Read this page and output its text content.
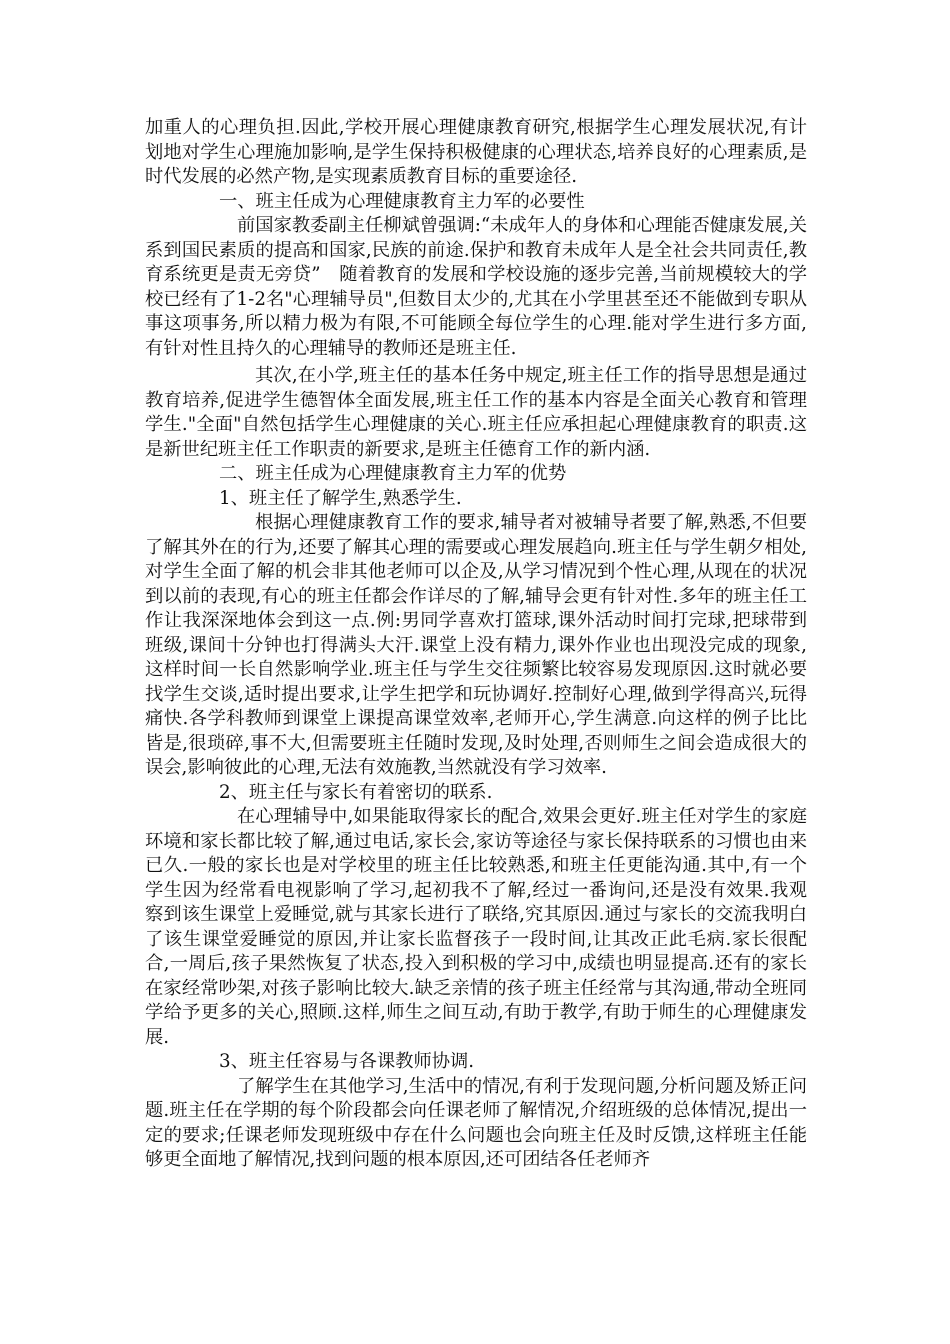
加重人的心理负担.因此,学校开展心理健康教育研究,根据学生心理发展状况,有计划地对学生心理施加影响,是学生保持积极健康的心理状态,培养良好的心理素质,是时代发展的必然产物,是实现素质教育目标的重要途径.

一、班主任成为心理健康教育主力军的必要性

前国家教委副主任柳斌曾强调:“未成年人的身体和心理能否健康发展,关系到国民素质的提高和国家,民族的前途.保护和教育未成年人是全社会共同责任,教育系统更是责无旁贷”　随着教育的发展和学校设施的逐步完善,当前规模较大的学校已经有了1-2名"心理辅导员",但数目太少的,尤其在小学里甚至还不能做到专职从事这项事务,所以精力极为有限,不可能顾全每位学生的心理.能对学生进行多方面,有针对性且持久的心理辅导的教师还是班主任.

其次,在小学,班主任的基本任务中规定,班主任工作的指导思想是通过教育培养,促进学生德智体全面发展,班主任工作的基本内容是全面关心教育和管理学生."全面"自然包括学生心理健康的关心.班主任应承担起心理健康教育的职责.这是新世纪班主任工作职责的新要求,是班主任德育工作的新内涵.

二、班主任成为心理健康教育主力军的优势

1、班主任了解学生,熟悉学生.

根据心理健康教育工作的要求,辅导者对被辅导者要了解,熟悉,不但要了解其外在的行为,还要了解其心理的需要或心理发展趋向.班主任与学生朝夕相处,对学生全面了解的机会非其他老师可以企及,从学习情况到个性心理,从现在的状况到以前的表现,有心的班主任都会作详尽的了解,辅导会更有针对性.多年的班主任工作让我深深地体会到这一点.例:男同学喜欢打篮球,课外活动时间打完球,把球带到班级,课间十分钟也打得满头大汗.课堂上没有精力,课外作业也出现没完成的现象,这样时间一长自然影响学业.班主任与学生交往频繁比较容易发现原因.这时就必要找学生交谈,适时提出要求,让学生把学和玩协调好.控制好心理,做到学得高兴,玩得痛快.各学科教师到课堂上课提高课堂效率,老师开心,学生满意.向这样的例子比比皆是,很琐碎,事不大,但需要班主任随时发现,及时处理,否则师生之间会造成很大的误会,影响彼此的心理,无法有效施教,当然就没有学习效率.

2、班主任与家长有着密切的联系.

在心理辅导中,如果能取得家长的配合,效果会更好.班主任对学生的家庭环境和家长都比较了解,通过电话,家长会,家访等途径与家长保持联系的习惯也由来已久.一般的家长也是对学校里的班主任比较熟悉,和班主任更能沟通.其中,有一个学生因为经常看电视影响了学习,起初我不了解,经过一番询问,还是没有效果.我观察到该生课堂上爱睡觉,就与其家长进行了联络,究其原因.通过与家长的交流我明白了该生课堂爱睡觉的原因,并让家长监督孩子一段时间,让其改正此毛病.家长很配合,一周后,孩子果然恢复了状态,投入到积极的学习中,成绩也明显提高.还有的家长在家经常吵架,对孩子影响比较大.缺乏亲情的孩子班主任经常与其沟通,带动全班同学给予更多的关心,照顾.这样,师生之间互动,有助于教学,有助于师生的心理健康发展.

3、班主任容易与各课教师协调.

了解学生在其他学习,生活中的情况,有利于发现问题,分析问题及矫正问题.班主任在学期的每个阶段都会向任课老师了解情况,介绍班级的总体情况,提出一定的要求;任课老师发现班级中存在什么问题也会向班主任及时反馈,这样班主任能够更全面地了解情况,找到问题的根本原因,还可团结各任老师齐
